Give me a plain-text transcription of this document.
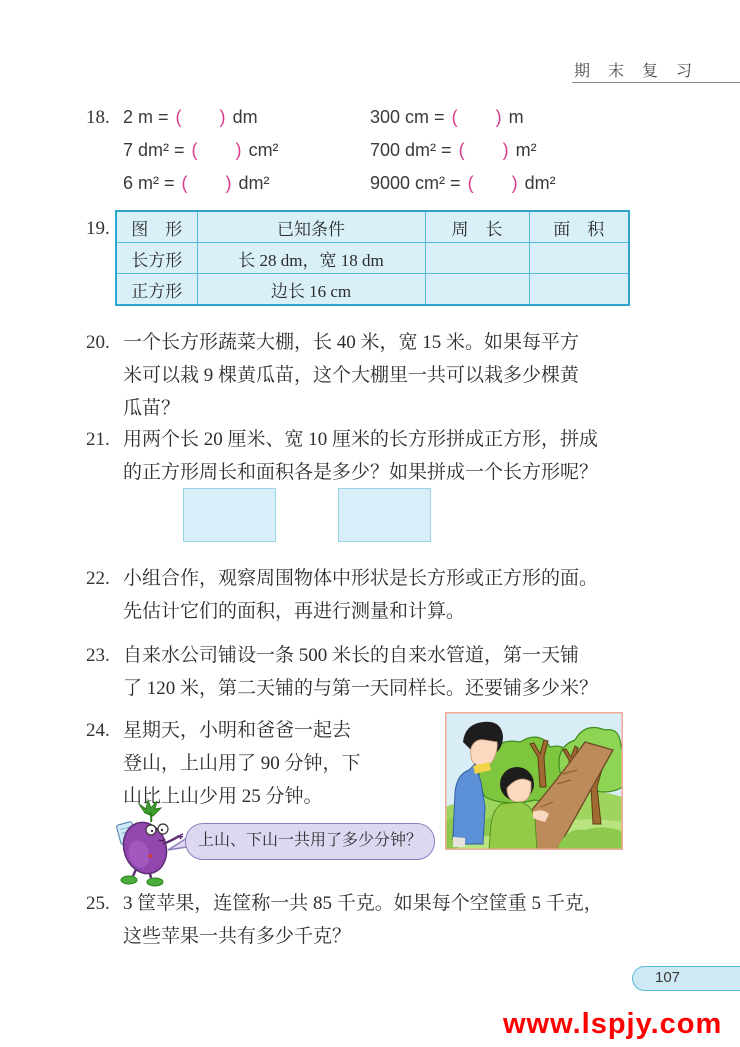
期 末 复 习
18. 2 m = ( ) dm	300 cm = ( ) m
7 dm² = ( ) cm²	700 dm² = ( ) m²
6 m² = ( ) dm²	9000 cm² = ( ) dm²
19.	图　形	已知条件	周　长	面　积
长方形	长 28 dm，宽 18 dm		
正方形	边长 16 cm		
20. 一个长方形蔬菜大棚，长 40 米，宽 15 米。如果每平方
米可以栽 9 棵黄瓜苗，这个大棚里一共可以栽多少棵黄
瓜苗？
21. 用两个长 20 厘米、宽 10 厘米的长方形拼成正方形，拼成
的正方形周长和面积各是多少？如果拼成一个长方形呢？
22. 小组合作，观察周围物体中形状是长方形或正方形的面。
先估计它们的面积，再进行测量和计算。
23. 自来水公司铺设一条 500 米长的自来水管道，第一天铺
了 120 米，第二天铺的与第一天同样长。还要铺多少米？
24. 星期天，小明和爸爸一起去
登山，上山用了 90 分钟，下
山比上山少用 25 分钟。
上山、下山一共用了多少分钟？
25. 3 筐苹果，连筐称一共 85 千克。如果每个空筐重 5 千克，
这些苹果一共有多少千克？
107
www.lspjy.com
